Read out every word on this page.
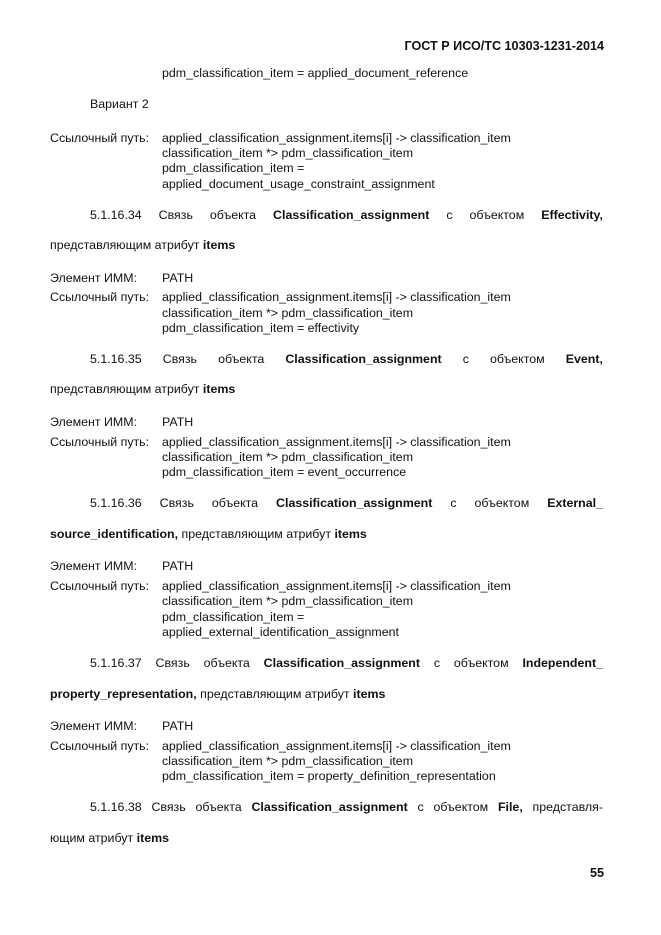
ГОСТ Р ИСО/ТС 10303-1231-2014
pdm_classification_item = applied_document_reference
Вариант 2
Ссылочный путь: applied_classification_assignment.items[i] -> classification_item
classification_item *> pdm_classification_item
pdm_classification_item =
applied_document_usage_constraint_assignment
5.1.16.34 Связь объекта Classification_assignment с объектом Effectivity,
представляющим атрибут items
Элемент ИММ: PATH
Ссылочный путь: applied_classification_assignment.items[i] -> classification_item
classification_item *> pdm_classification_item
pdm_classification_item = effectivity
5.1.16.35 Связь объекта Classification_assignment с объектом Event,
представляющим атрибут items
Элемент ИММ: PATH
Ссылочный путь: applied_classification_assignment.items[i] -> classification_item
classification_item *> pdm_classification_item
pdm_classification_item = event_occurrence
5.1.16.36 Связь объекта Classification_assignment с объектом External_
source_identification, представляющим атрибут items
Элемент ИММ: PATH
Ссылочный путь: applied_classification_assignment.items[i] -> classification_item
classification_item *> pdm_classification_item
pdm_classification_item =
applied_external_identification_assignment
5.1.16.37 Связь объекта Classification_assignment с объектом Independent_
property_representation, представляющим атрибут items
Элемент ИММ: PATH
Ссылочный путь: applied_classification_assignment.items[i] -> classification_item
classification_item *> pdm_classification_item
pdm_classification_item = property_definition_representation
5.1.16.38 Связь объекта Classification_assignment с объектом File, представля-
ющим атрибут items
55
